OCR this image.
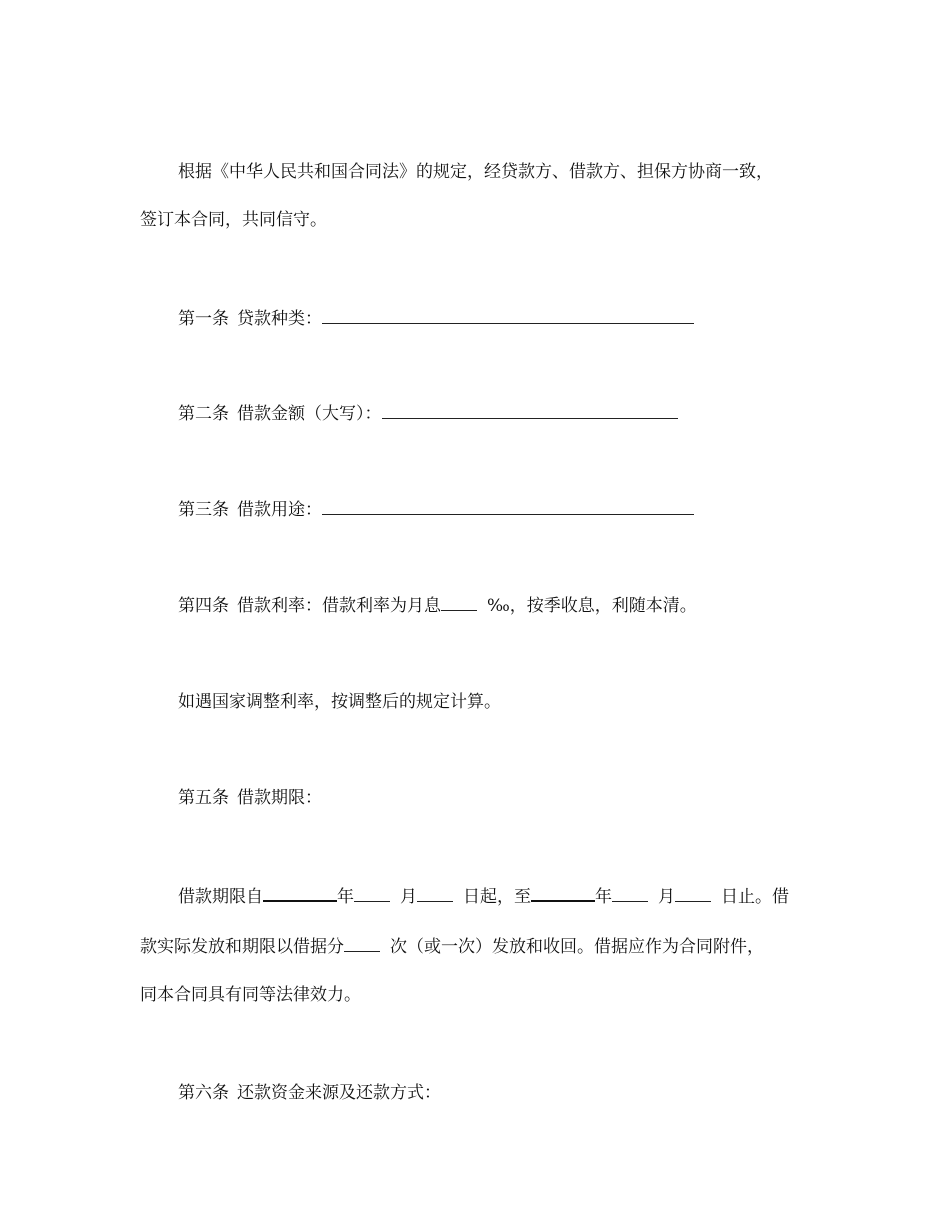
根据《中华人民共和国合同法》的规定，经贷款方、借款方、担保方协商一致，
签订本合同，共同信守。
第一条 贷款种类：
第二条 借款金额（大写）：
第三条 借款用途：
第四条 借款利率：借款利率为月息	‰，按季收息，利随本清。
如遇国家调整利率，按调整后的规定计算。
第五条 借款期限：
借款期限自	年	月	日起，至	年	月	日止。借
款实际发放和期限以借据分	次（或一次）发放和收回。借据应作为合同附件，
同本合同具有同等法律效力。
第六条 还款资金来源及还款方式：
